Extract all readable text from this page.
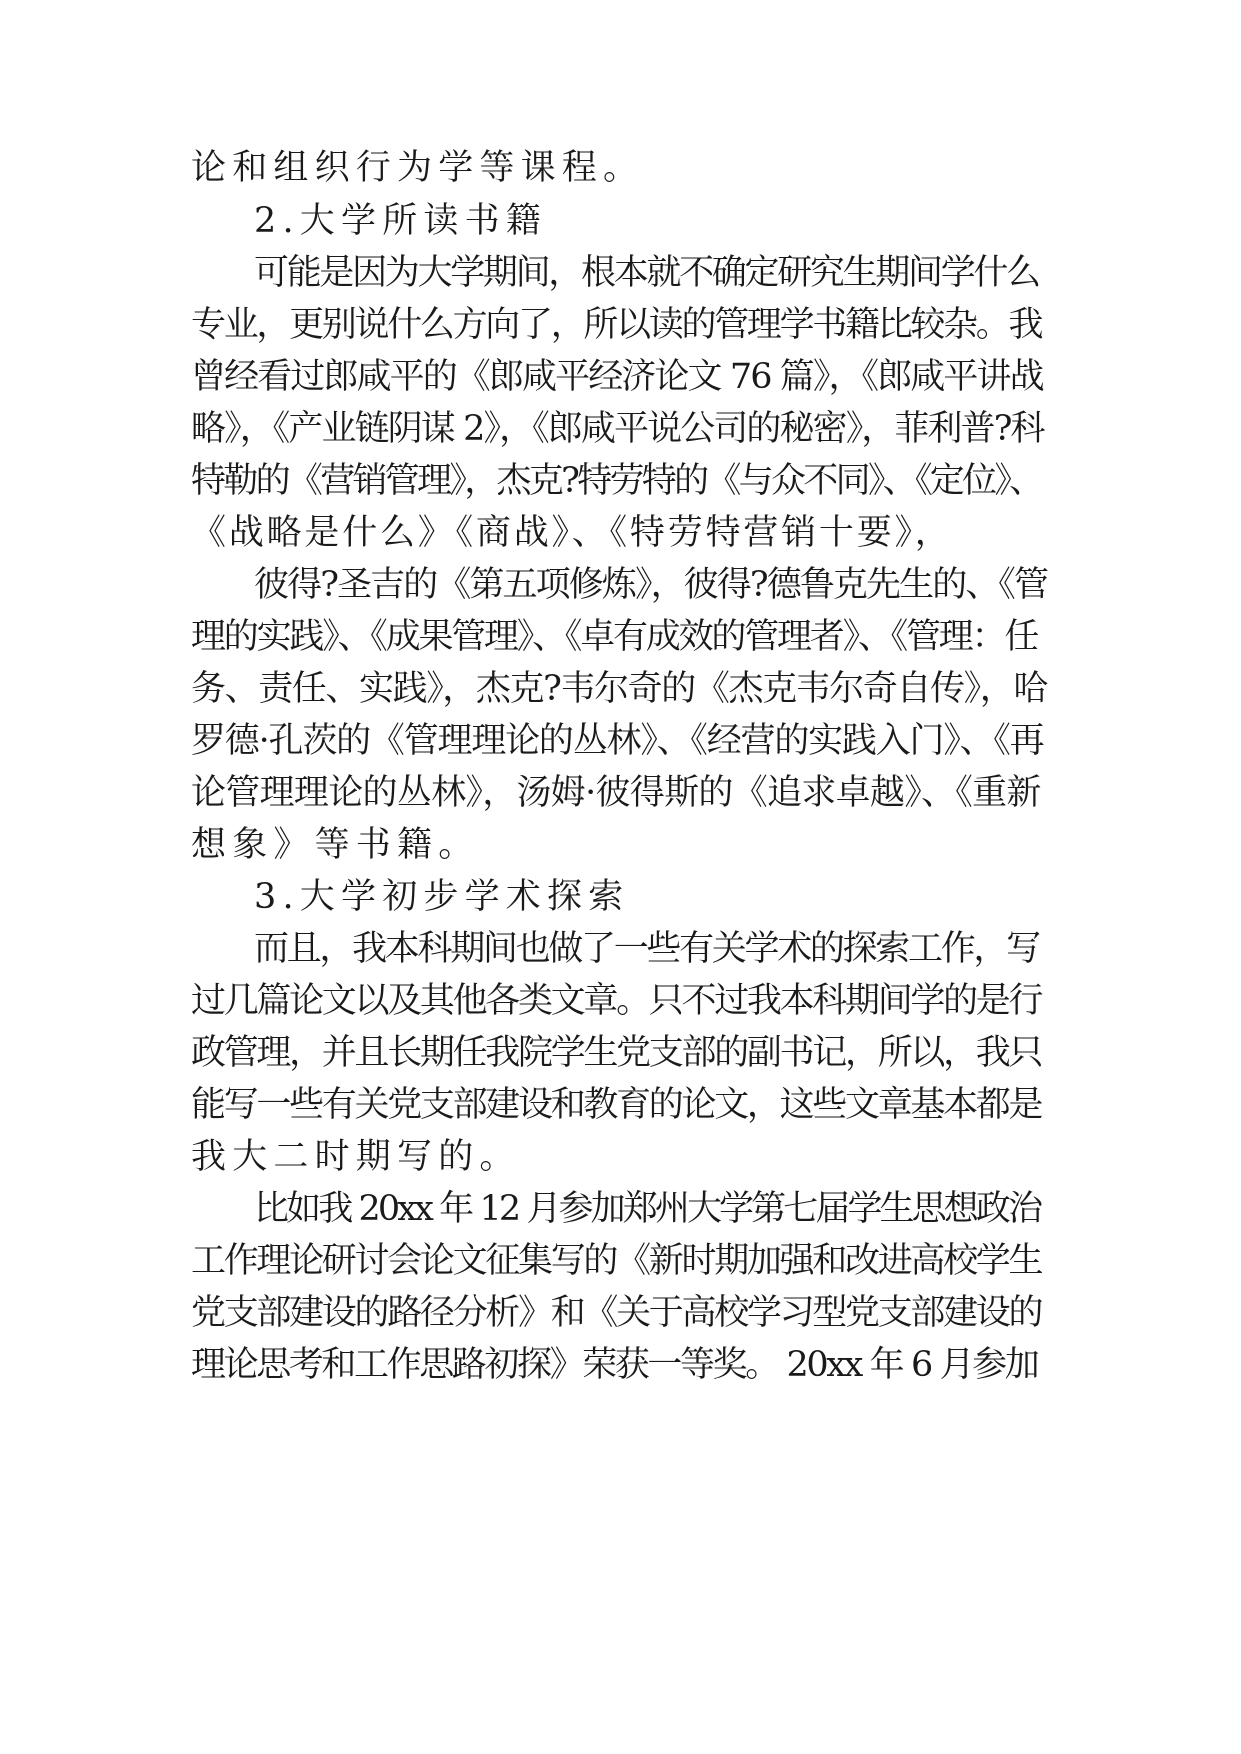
论和组织行为学等课程。
2.大学所读书籍
可能是因为大学期间，根本就不确定研究生期间学什么
专业，更别说什么方向了，所以读的管理学书籍比较杂。我
曾经看过郎咸平的《郎咸平经济论文 76 篇》，《郎咸平讲战
略》，《产业链阴谋 2》，《郎咸平说公司的秘密》，菲利普?科
特勒的《营销管理》，杰克?特劳特的《与众不同》、《定位》、
《战略是什么》《商战》、《特劳特营销十要》，
彼得?圣吉的《第五项修炼》，彼得?德鲁克先生的、《管
理的实践》、《成果管理》、《卓有成效的管理者》、《管理：任
务、责任、实践》，杰克?韦尔奇的《杰克韦尔奇自传》，哈
罗德·孔茨的《管理理论的丛林》、《经营的实践入门》、《再
论管理理论的丛林》，汤姆·彼得斯的《追求卓越》、《重新
想象》等书籍。
3.大学初步学术探索
而且，我本科期间也做了一些有关学术的探索工作，写
过几篇论文以及其他各类文章。只不过我本科期间学的是行
政管理，并且长期任我院学生党支部的副书记，所以，我只
能写一些有关党支部建设和教育的论文，这些文章基本都是
我大二时期写的。
比如我 20xx 年 12 月参加郑州大学第七届学生思想政治
工作理论研讨会论文征集写的《新时期加强和改进高校学生
党支部建设的路径分析》和《关于高校学习型党支部建设的
理论思考和工作思路初探》荣获一等奖。 20xx 年 6 月参加
